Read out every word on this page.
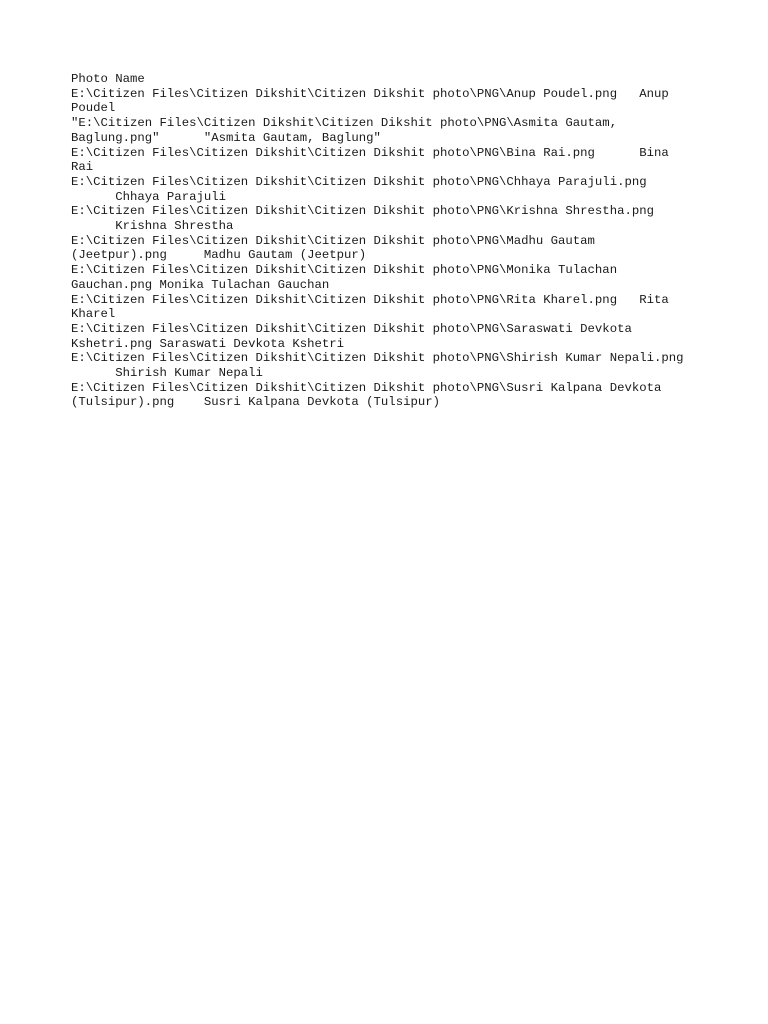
Photo Name
E:\Citizen Files\Citizen Dikshit\Citizen Dikshit photo\PNG\Anup Poudel.png   Anup
Poudel
"E:\Citizen Files\Citizen Dikshit\Citizen Dikshit photo\PNG\Asmita Gautam,
Baglung.png"      "Asmita Gautam, Baglung"
E:\Citizen Files\Citizen Dikshit\Citizen Dikshit photo\PNG\Bina Rai.png      Bina
Rai
E:\Citizen Files\Citizen Dikshit\Citizen Dikshit photo\PNG\Chhaya Parajuli.png
Chhaya Parajuli
E:\Citizen Files\Citizen Dikshit\Citizen Dikshit photo\PNG\Krishna Shrestha.png
Krishna Shrestha
E:\Citizen Files\Citizen Dikshit\Citizen Dikshit photo\PNG\Madhu Gautam
(Jeetpur).png     Madhu Gautam (Jeetpur)
E:\Citizen Files\Citizen Dikshit\Citizen Dikshit photo\PNG\Monika Tulachan
Gauchan.png Monika Tulachan Gauchan
E:\Citizen Files\Citizen Dikshit\Citizen Dikshit photo\PNG\Rita Kharel.png   Rita
Kharel
E:\Citizen Files\Citizen Dikshit\Citizen Dikshit photo\PNG\Saraswati Devkota
Kshetri.png Saraswati Devkota Kshetri
E:\Citizen Files\Citizen Dikshit\Citizen Dikshit photo\PNG\Shirish Kumar Nepali.png
Shirish Kumar Nepali
E:\Citizen Files\Citizen Dikshit\Citizen Dikshit photo\PNG\Susri Kalpana Devkota
(Tulsipur).png    Susri Kalpana Devkota (Tulsipur)
